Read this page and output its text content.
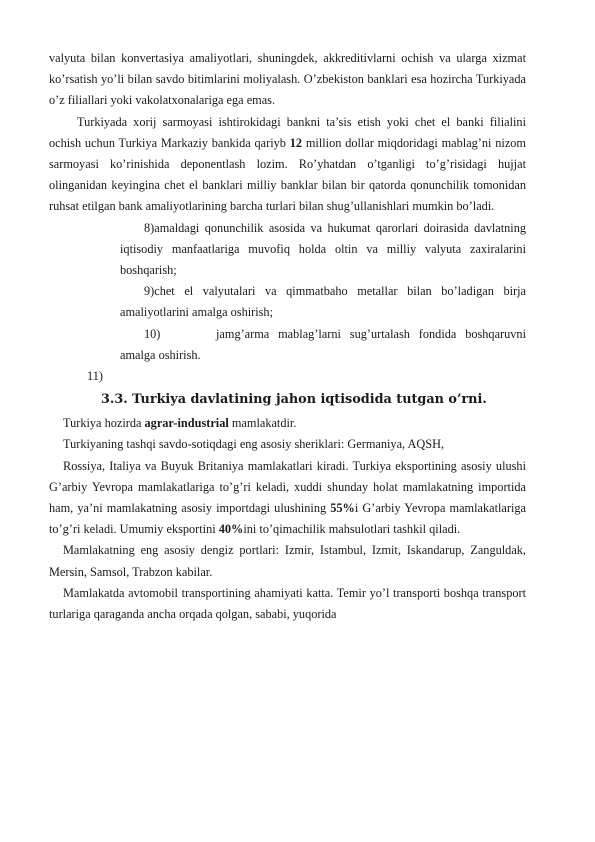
valyuta bilan konvertasiya amaliyotlari, shuningdek, akkreditivlarni ochish va ularga xizmat ko’rsatish yo’li bilan savdo bitimlarini moliyalash. O’zbekiston banklari esa hozircha Turkiyada o’z filiallari yoki vakolatxonalariga ega emas.

Turkiyada xorij sarmoyasi ishtirokidagi bankni ta’sis etish yoki chet el banki filialini ochish uchun Turkiya Markaziy bankida qariyb 12 million dollar miqdoridagi mablag’ni nizom sarmoyasi ko’rinishida deponentlash lozim. Ro’yhatdan o’tganligi to’g’risidagi hujjat olinganidan keyingina chet el banklari milliy banklar bilan bir qatorda qonunchilik tomonidan ruhsat etilgan bank amaliyotlarining barcha turlari bilan shug’ullanishlari mumkin bo’ladi.

8)amaldagi qonunchilik asosida va hukumat qarorlari doirasida davlatning iqtisodiy manfaatlariga muvofiq holda oltin va milliy valyuta zaxiralarini boshqarish;

9)chet el valyutalari va qimmatbaho metallar bilan bo’ladigan birja amaliyotlarini amalga oshirish;

10)	jamg’arma mablag’larni sug’urtalash fondida boshqaruvni amalga oshirish.

11)

3.3. Turkiya davlatining jahon iqtisodida tutgan o’rni.

Turkiya hozirda agrar-industrial mamlakatdir.

Turkiyaning tashqi savdo-sotiqdagi eng asosiy sheriklari: Germaniya, AQSH,

Rossiya, Italiya va Buyuk Britaniya mamlakatlari kiradi. Turkiya eksportining asosiy ulushi G’arbiy Yevropa mamlakatlariga to’g’ri keladi, xuddi shunday holat mamlakatning importida ham, ya’ni mamlakatning asosiy importdagi ulushining 55%i G’arbiy Yevropa mamlakatlariga to’g’ri keladi. Umumiy eksportini 40%ini to’qimachilik mahsulotlari tashkil qiladi.

Mamlakatning eng asosiy dengiz portlari: Izmir, Istambul, Izmit, Iskandarup, Zanguldak, Mersin, Samsol, Trabzon kabilar.

Mamlakatda avtomobil transportining ahamiyati katta. Temir yo’l transporti boshqa transport turlariga qaraganda ancha orqada qolgan, sababi, yuqorida
